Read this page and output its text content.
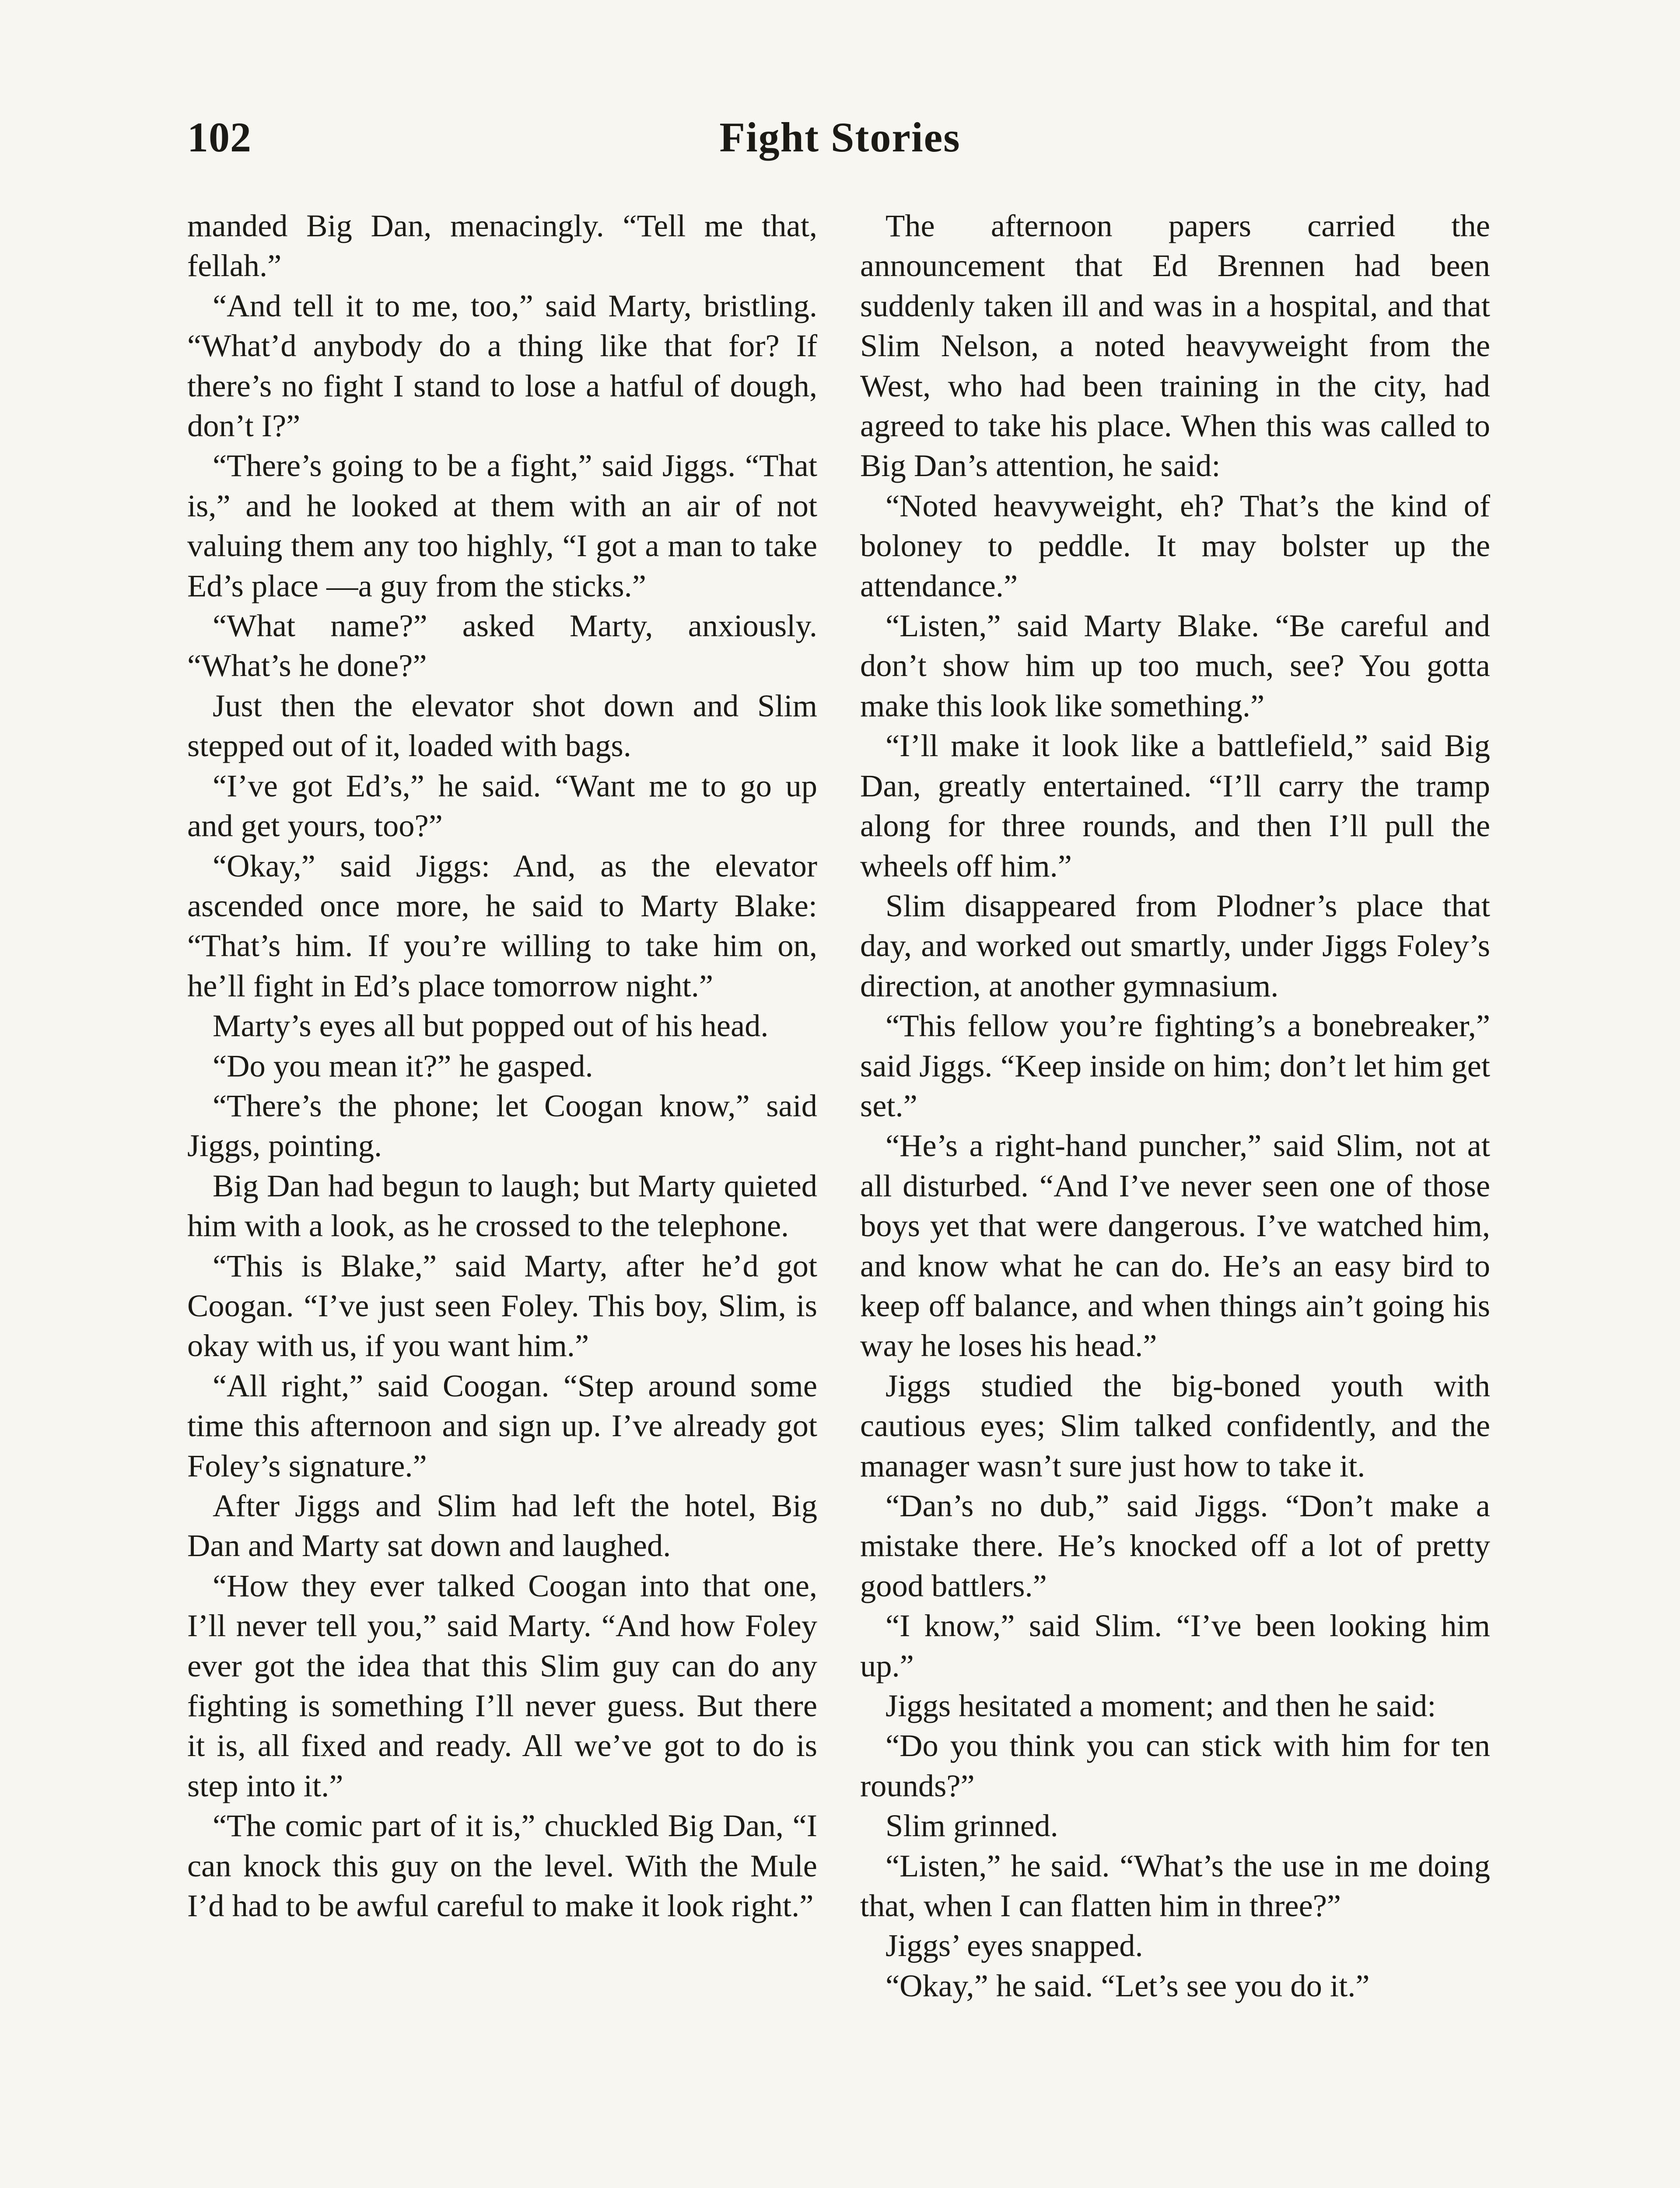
102	Fight Stories

manded Big Dan, menacingly. “Tell me that, fellah.”

“And tell it to me, too,” said Marty, bristling. “What’d anybody do a thing like that for? If there’s no fight I stand to lose a hatful of dough, don’t I?”

“There’s going to be a fight,” said Jiggs. “That is,” and he looked at them with an air of not valuing them any too highly, “I got a man to take Ed’s place —a guy from the sticks.”

“What name?” asked Marty, anxiously. “What’s he done?”

Just then the elevator shot down and Slim stepped out of it, loaded with bags.

“I’ve got Ed’s,” he said. “Want me to go up and get yours, too?”

“Okay,” said Jiggs: And, as the elevator ascended once more, he said to Marty Blake: “That’s him. If you’re willing to take him on, he’ll fight in Ed’s place tomorrow night.”

Marty’s eyes all but popped out of his head.

“Do you mean it?” he gasped.

“There’s the phone; let Coogan know,” said Jiggs, pointing.

Big Dan had begun to laugh; but Marty quieted him with a look, as he crossed to the telephone.

“This is Blake,” said Marty, after he’d got Coogan. “I’ve just seen Foley. This boy, Slim, is okay with us, if you want him.”

“All right,” said Coogan. “Step around some time this afternoon and sign up. I’ve already got Foley’s signature.”

After Jiggs and Slim had left the hotel, Big Dan and Marty sat down and laughed.

“How they ever talked Coogan into that one, I’ll never tell you,” said Marty. “And how Foley ever got the idea that this Slim guy can do any fighting is something I’ll never guess. But there it is, all fixed and ready. All we’ve got to do is step into it.”

“The comic part of it is,” chuckled Big Dan, “I can knock this guy on the level. With the Mule I’d had to be awful careful to make it look right.”

The afternoon papers carried the announcement that Ed Brennen had been suddenly taken ill and was in a hospital, and that Slim Nelson, a noted heavyweight from the West, who had been training in the city, had agreed to take his place. When this was called to Big Dan’s attention, he said:

“Noted heavyweight, eh? That’s the kind of boloney to peddle. It may bolster up the attendance.”

“Listen,” said Marty Blake. “Be careful and don’t show him up too much, see? You gotta make this look like something.”

“I’ll make it look like a battlefield,” said Big Dan, greatly entertained. “I’ll carry the tramp along for three rounds, and then I’ll pull the wheels off him.”

Slim disappeared from Plodner’s place that day, and worked out smartly, under Jiggs Foley’s direction, at another gymnasium.

“This fellow you’re fighting’s a bonebreaker,” said Jiggs. “Keep inside on him; don’t let him get set.”

“He’s a right-hand puncher,” said Slim, not at all disturbed. “And I’ve never seen one of those boys yet that were dangerous. I’ve watched him, and know what he can do. He’s an easy bird to keep off balance, and when things ain’t going his way he loses his head.”

Jiggs studied the big-boned youth with cautious eyes; Slim talked confidently, and the manager wasn’t sure just how to take it.

“Dan’s no dub,” said Jiggs. “Don’t make a mistake there. He’s knocked off a lot of pretty good battlers.”

“I know,” said Slim. “I’ve been looking him up.”

Jiggs hesitated a moment; and then he said:

“Do you think you can stick with him for ten rounds?”

Slim grinned.

“Listen,” he said. “What’s the use in me doing that, when I can flatten him in three?”

Jiggs’ eyes snapped.

“Okay,” he said. “Let’s see you do it.”
